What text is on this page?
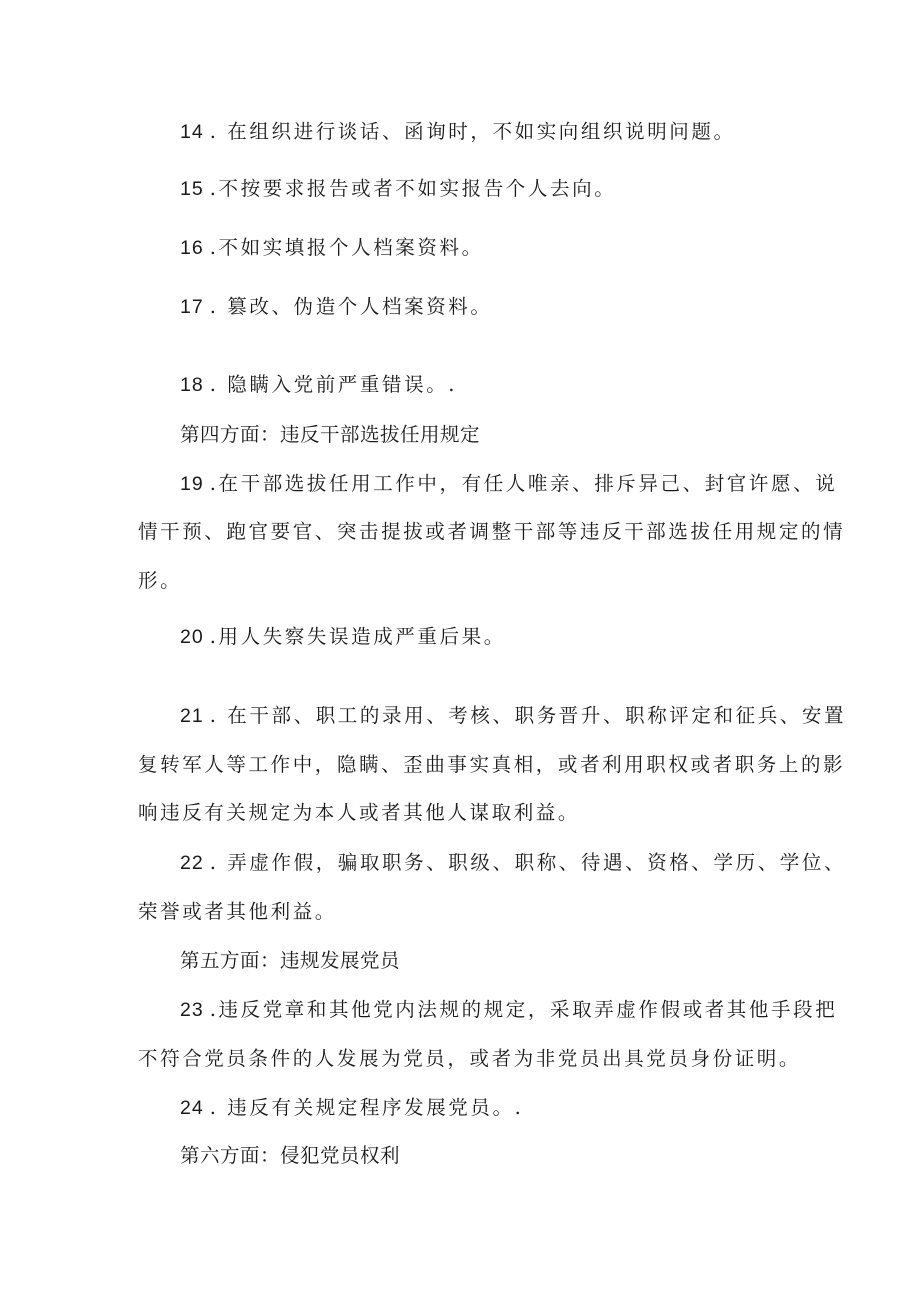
14 . 在组织进行谈话、函询时，不如实向组织说明问题。
15 .不按要求报告或者不如实报告个人去向。
16 .不如实填报个人档案资料。
17 . 篡改、伪造个人档案资料。
18 . 隐瞒入党前严重错误。.
第四方面：违反干部选拔任用规定
19 .在干部选拔任用工作中，有任人唯亲、排斥异己、封官许愿、说
情干预、跑官要官、突击提拔或者调整干部等违反干部选拔任用规定的情
形。
20 .用人失察失误造成严重后果。
21 . 在干部、职工的录用、考核、职务晋升、职称评定和征兵、安置
复转军人等工作中，隐瞒、歪曲事实真相，或者利用职权或者职务上的影
响违反有关规定为本人或者其他人谋取利益。
22 . 弄虚作假，骗取职务、职级、职称、待遇、资格、学历、学位、
荣誉或者其他利益。
第五方面：违规发展党员
23 .违反党章和其他党内法规的规定，采取弄虚作假或者其他手段把
不符合党员条件的人发展为党员，或者为非党员出具党员身份证明。
24 . 违反有关规定程序发展党员。.
第六方面：侵犯党员权利
